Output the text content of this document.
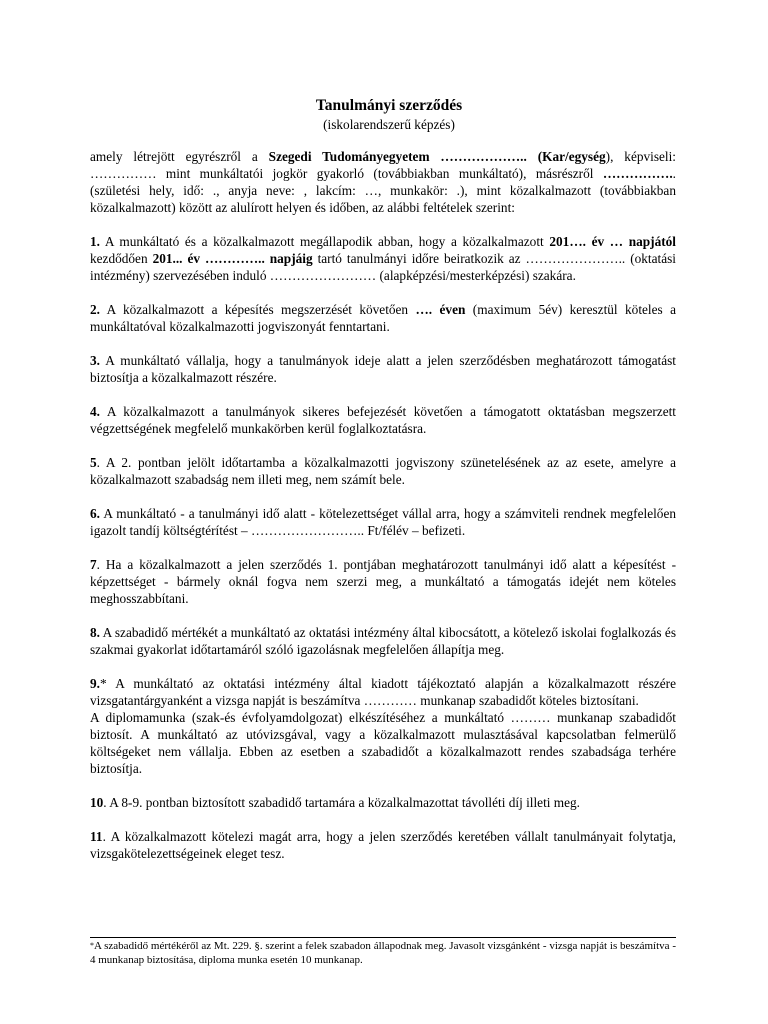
Tanulmányi szerződés

(iskolarendszerű képzés)

amely létrejött egyrészről a Szegedi Tudományegyetem ……………….. (Kar/egység), képviseli: …………… mint munkáltatói jogkör gyakorló (továbbiakban munkáltató), másrészről …………….. (születési hely, idő: ., anyja neve: , lakcím: …, munkakör: .), mint közalkalmazott (továbbiakban közalkalmazott) között az alulírott helyen és időben, az alábbi feltételek szerint:

1. A munkáltató és a közalkalmazott megállapodik abban, hogy a közalkalmazott 201…. év … napjától kezdődően 201... év ………….. napjáig tartó tanulmányi időre beiratkozik az ………………….. (oktatási intézmény) szervezésében induló …………………… (alapképzési/mesterképzési) szakára.

2. A közalkalmazott a képesítés megszerzését követően …. éven (maximum 5év) keresztül köteles a munkáltatóval közalkalmazotti jogviszonyát fenntartani.

3. A munkáltató vállalja, hogy a tanulmányok ideje alatt a jelen szerződésben meghatározott támogatást biztosítja a közalkalmazott részére.

4. A közalkalmazott a tanulmányok sikeres befejezését követően a támogatott oktatásban megszerzett végzettségének megfelelő munkakörben kerül foglalkoztatásra.

5. A 2. pontban jelölt időtartamba a közalkalmazotti jogviszony szünetelésének az az esete, amelyre a közalkalmazott szabadság nem illeti meg, nem számít bele.

6. A munkáltató - a tanulmányi idő alatt - kötelezettséget vállal arra, hogy a számviteli rendnek megfelelően igazolt tandíj költségtérítést – …………………….. Ft/félév – befizeti.

7. Ha a közalkalmazott a jelen szerződés 1. pontjában meghatározott tanulmányi idő alatt a képesítést - képzettséget - bármely oknál fogva nem szerzi meg, a munkáltató a támogatás idejét nem köteles meghosszabbítani.

8. A szabadidő mértékét a munkáltató az oktatási intézmény által kibocsátott, a kötelező iskolai foglalkozás és szakmai gyakorlat időtartamáról szóló igazolásnak megfelelően állapítja meg.

9.* A munkáltató az oktatási intézmény által kiadott tájékoztató alapján a közalkalmazott részére vizsgatantárgyanként a vizsga napját is beszámítva ………… munkanap szabadidőt köteles biztosítani.

A diplomamunka (szak-és évfolyamdolgozat) elkészítéséhez a munkáltató ……… munkanap szabadidőt biztosít. A munkáltató az utóvizsgával, vagy a közalkalmazott mulasztásával kapcsolatban felmerülő költségeket nem vállalja. Ebben az esetben a szabadidőt a közalkalmazott rendes szabadsága terhére biztosítja.

10. A 8-9. pontban biztosított szabadidő tartamára a közalkalmazottat távolléti díj illeti meg.

11. A közalkalmazott kötelezi magát arra, hogy a jelen szerződés keretében vállalt tanulmányait folytatja, vizsgakötelezettségeinek eleget tesz.

*A szabadidő mértékéről az Mt. 229. §. szerint a felek szabadon állapodnak meg. Javasolt vizsgánként - vizsga napját is beszámítva - 4 munkanap biztosítása, diploma munka esetén 10 munkanap.
